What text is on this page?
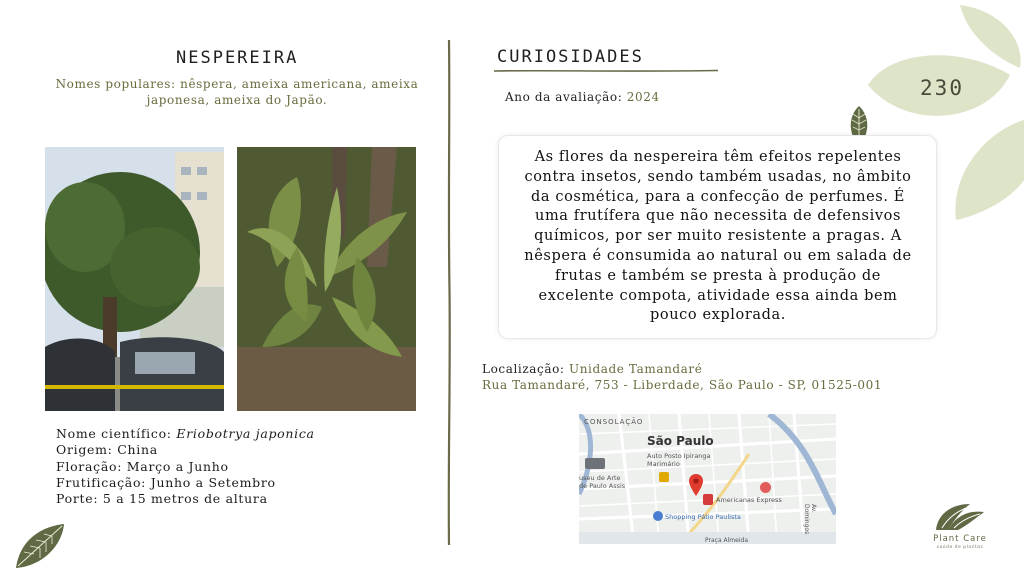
230
NESPEREIRA
Nomes populares: nêspera, ameixa americana, ameixa japonesa, ameixa do Japão.
Nome científico: Eriobotrya japonica
Origem: China
Floração: Março a Junho
Frutificação: Junho a Setembro
Porte: 5 a 15 metros de altura
CURIOSIDADES
Ano da avaliação: 2024
As flores da nespereira têm efeitos repelentes contra insetos, sendo também usadas, no âmbito da cosmética, para a confecção de perfumes. É uma frutífera que não necessita de defensivos químicos, por ser muito resistente a pragas. A nêspera é consumida ao natural ou em salada de frutas e também se presta à produção de excelente compota, atividade essa ainda bem pouco explorada.
Localização: Unidade Tamandaré
Rua Tamandaré, 753 - Liberdade, São Paulo - SP, 01525-001
CONSOLAÇÃO
São Paulo
Auto Posto Ipiranga Marimário
useu de Arte de Paulo Assis
Americanas Express
Shopping Pátio Paulista
Praça Almeida
Av. Domingos
Plant Care
saúde de plantas
